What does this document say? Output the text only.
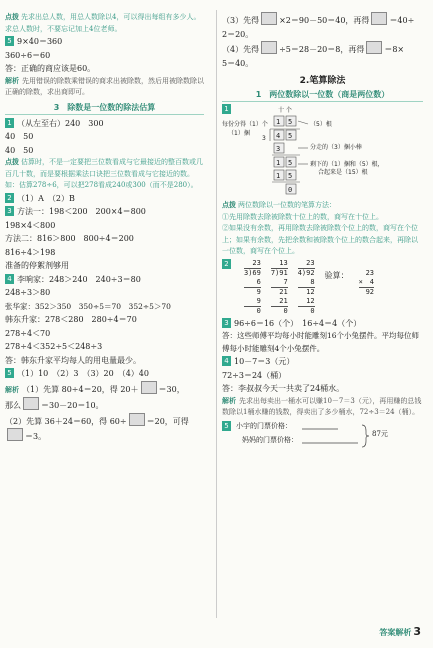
点拨 先求出总人数，用总人数除以4，可以得出每组有多少人。求总人数时，不要忘记加上4位老师。

5 9×40＝360

360÷6＝60

答：正确的商应该是60。

解析 先用错误的除数乘错误的商求出被除数，然后用被除数除以正确的除数，求出商即可。

3　除数是一位数的除法估算

1 （从左至右）240　300

40　50

40　50

点拨 估算时，不是一定要把三位数看成与它最接近的整百数或几百几十数，而是要根据乘法口诀把三位数看成与它接近的数。如：估算278÷6，可以把278看成240或300（而不是280）。

2 （1）A　（2）B

3 方法一：198＜200　200×4＝800

198×4＜800

方法二：816＞800　800÷4＝200

816÷4＞198

准备的停絮剂够用

4 李响家：248＞240　240÷3＝80

248÷3＞80

张华家：352＞350　350÷5＝70　352÷5＞70

韩东升家：278＜280　280÷4＝70

278÷4＜70

278÷4＜352÷5＜248÷3

答：韩东升家平均每人的用电量最少。

5 （1）10　（2）3　（3）20　（4）40

解析 （1）先算 80÷4＝20，得 20＋	＝30，

那么	＝30－20＝10。

（2）先算 36＋24＝60，得 60÷	＝20，可得

＝3。

（3）先得	×2＝90－50＝40，再得	＝40÷

2＝20。

（4）先得	÷5＝28－20＝8，再得	＝8×

5＝40。

2.笔算除法
1　两位数除以一位数（商是两位数）
1	十 个
每份分得（1）个
（1）捆
（5）根
分走的（3）捆小棒
剩下的（1）捆和（5）根，
合起来是（15）根
3
1 5
4 5
3
1 5
1 5
0

点拨 两位数除以一位数的笔算方法：

①先用除数去除被除数十位上的数，商写在十位上。

②如果没有余数，再用除数去除被除数个位上的数，商写在个位上；如果有余数，先把余数和被除数个位上的数合起来，再除以一位数，商写在个位上。

2	23
3)69
6
9
9
0
13
7)91
7
21
21
0
23
4)92
8
12
12
0
验算：	23
×　4
92

3 96÷6＝16（个）　16÷4＝4（个）

答：这些师傅平均每小时能雕刻16个小兔摆件。平均每位师傅每小时能雕刻4个小兔摆件。

4 10－7＝3（元）

72÷3＝24（桶）

答：李叔叔今天一共卖了24桶水。

解析 先求出每卖出一桶水可以赚10－7＝3（元），再用赚的总钱数除以1桶水赚的钱数，得卖出了多少桶水，72÷3＝24（桶）。

5	小宇的门票价格：
妈妈的门票价格：
87元
答案解析 3
